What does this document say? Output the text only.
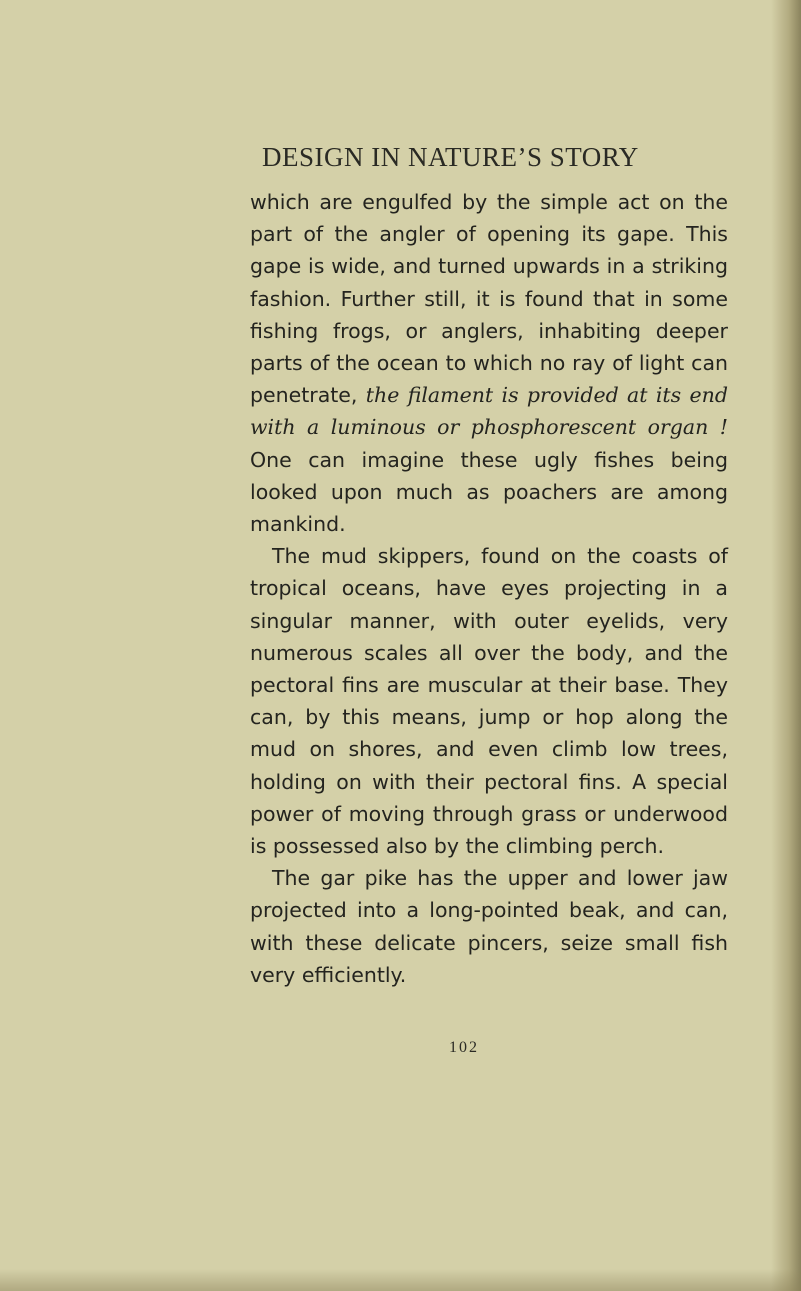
DESIGN IN NATURE’S STORY

which are engulfed by the simple act on the part of the angler of opening its gape. This gape is wide, and turned upwards in a striking fashion. Further still, it is found that in some fishing frogs, or anglers, inhabiting deeper parts of the ocean to which no ray of light can penetrate, the filament is provided at its end with a luminous or phosphorescent organ ! One can imagine these ugly fishes being looked upon much as poachers are among mankind.

The mud skippers, found on the coasts of tropical oceans, have eyes projecting in a singular manner, with outer eyelids, very numerous scales all over the body, and the pectoral fins are muscular at their base. They can, by this means, jump or hop along the mud on shores, and even climb low trees, holding on with their pectoral fins. A special power of moving through grass or underwood is possessed also by the climbing perch.

The gar pike has the upper and lower jaw projected into a long-pointed beak, and can, with these delicate pincers, seize small fish very efficiently.

102
